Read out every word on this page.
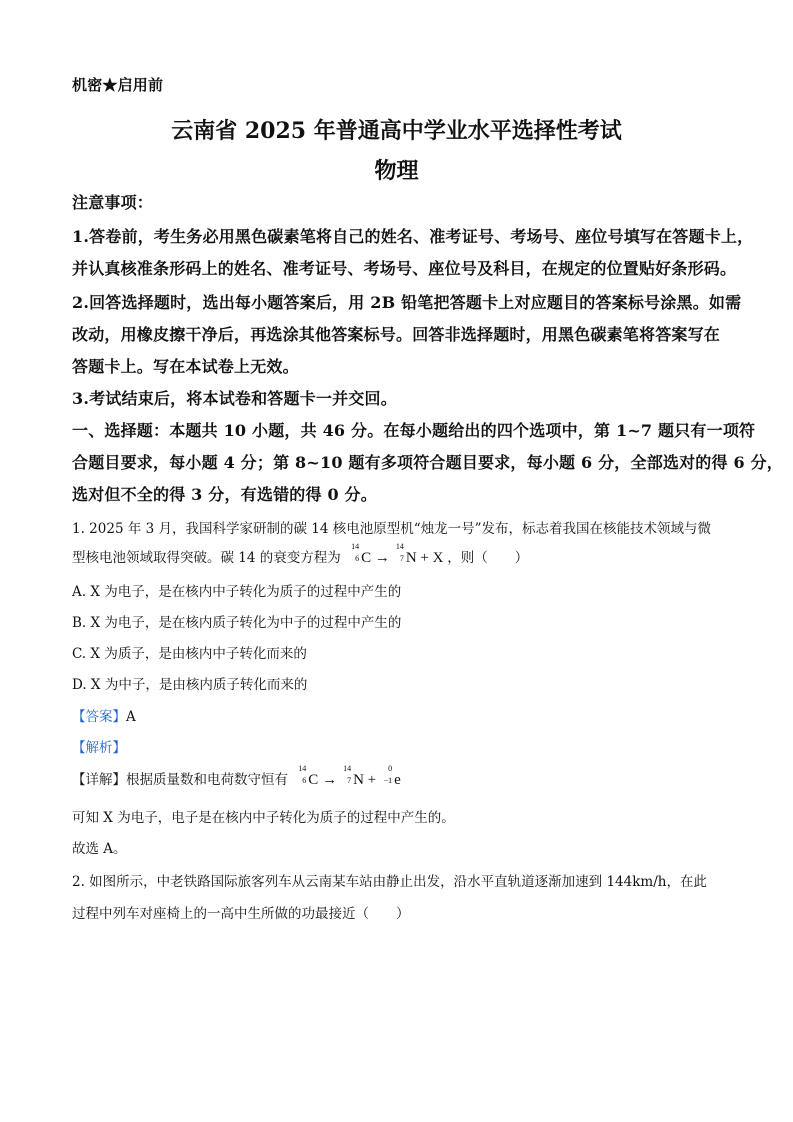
机密★启用前
云南省 2025 年普通高中学业水平选择性考试
物理
注意事项：
1.答卷前，考生务必用黑色碳素笔将自己的姓名、准考证号、考场号、座位号填写在答题卡上，
并认真核准条形码上的姓名、准考证号、考场号、座位号及科目，在规定的位置贴好条形码。
2.回答选择题时，选出每小题答案后，用 2B 铅笔把答题卡上对应题目的答案标号涂黑。如需
改动，用橡皮擦干净后，再选涂其他答案标号。回答非选择题时，用黑色碳素笔将答案写在
答题卡上。写在本试卷上无效。
3.考试结束后，将本试卷和答题卡一并交回。
一、选择题：本题共 10 小题，共 46 分。在每小题给出的四个选项中，第 1~7 题只有一项符
合题目要求，每小题 4 分；第 8~10 题有多项符合题目要求，每小题 6 分，全部选对的得 6 分，
选对但不全的得 3 分，有选错的得 0 分。
1. 2025 年 3 月，我国科学家研制的碳 14 核电池原型机“烛龙一号”发布，标志着我国在核能技术领域与微
型核电池领域取得突破。碳 14 的衰变方程为
14
6 C →
14
7 N + X ，则（　　）
A. X 为电子，是在核内中子转化为质子的过程中产生的
B. X 为电子，是在核内质子转化为中子的过程中产生的
C. X 为质子，是由核内中子转化而来的
D. X 为中子，是由核内质子转化而来的
【答案】A
【解析】
【详解】根据质量数和电荷数守恒有
14
6 C →
14
7 N +
0
−1 e
可知 X 为电子，电子是在核内中子转化为质子的过程中产生的。
故选 A。
2. 如图所示，中老铁路国际旅客列车从云南某车站由静止出发，沿水平直轨道逐渐加速到 144km/h，在此
过程中列车对座椅上的一高中生所做的功最接近（　　）
